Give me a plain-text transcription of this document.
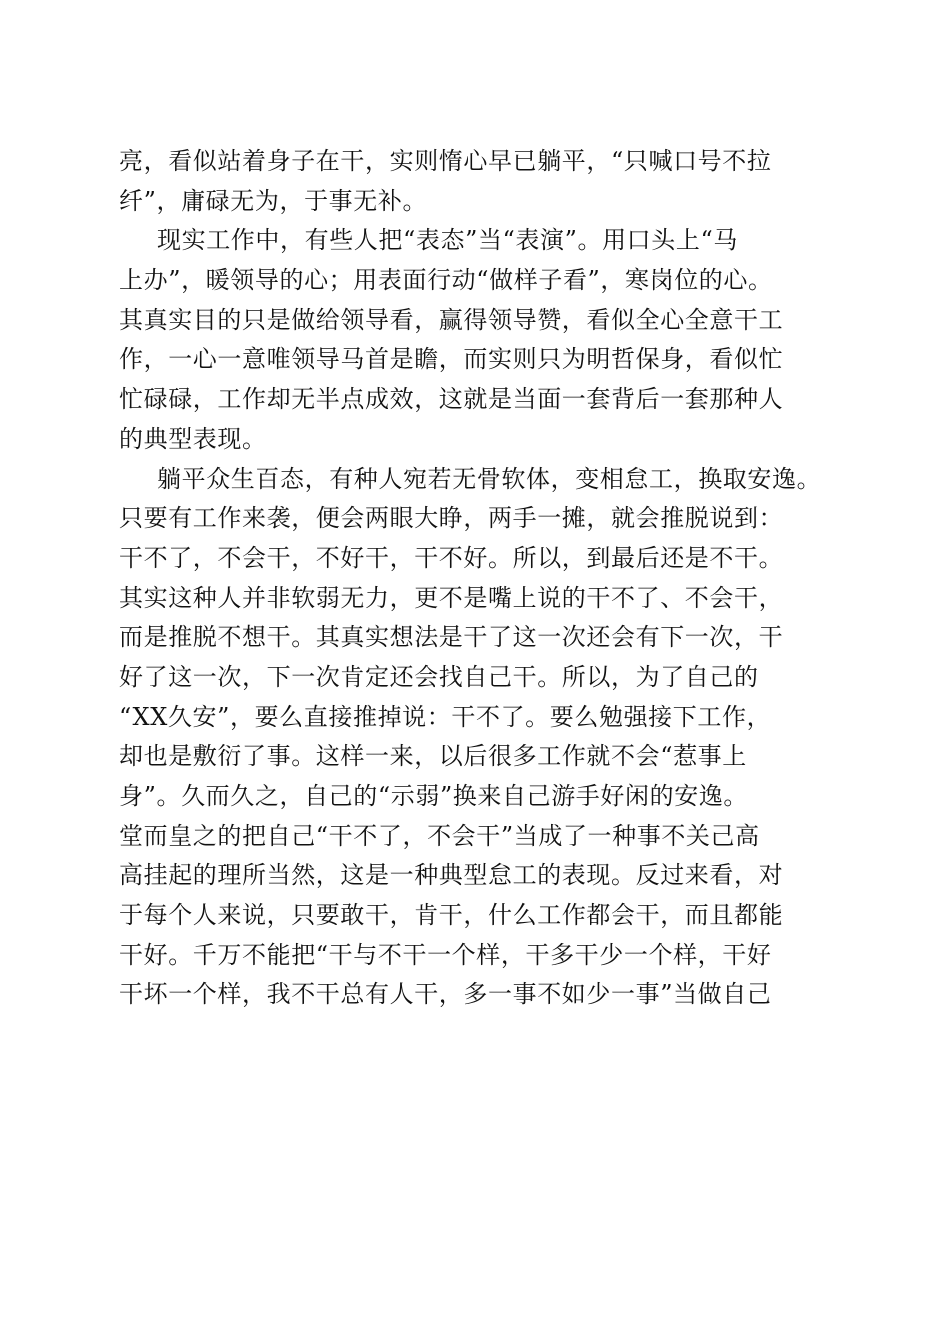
亮，看似站着身子在干，实则惰心早已躺平，“只喊口号不拉
纤”，庸碌无为，于事无补。
现实工作中，有些人把“表态”当“表演”。用口头上“马
上办”，暖领导的心；用表面行动“做样子看”，寒岗位的心。
其真实目的只是做给领导看，赢得领导赞，看似全心全意干工
作，一心一意唯领导马首是瞻，而实则只为明哲保身，看似忙
忙碌碌，工作却无半点成效，这就是当面一套背后一套那种人
的典型表现。
躺平众生百态，有种人宛若无骨软体，变相怠工，换取安逸。
只要有工作来袭，便会两眼大睁，两手一摊，就会推脱说到：
干不了，不会干，不好干，干不好。所以，到最后还是不干。
其实这种人并非软弱无力，更不是嘴上说的干不了、不会干，
而是推脱不想干。其真实想法是干了这一次还会有下一次，干
好了这一次，下一次肯定还会找自己干。所以，为了自己的
“XX久安”，要么直接推掉说：干不了。要么勉强接下工作，
却也是敷衍了事。这样一来，以后很多工作就不会“惹事上
身”。久而久之，自己的“示弱”换来自己游手好闲的安逸。
堂而皇之的把自己“干不了，不会干”当成了一种事不关己高
高挂起的理所当然，这是一种典型怠工的表现。反过来看，对
于每个人来说，只要敢干，肯干，什么工作都会干，而且都能
干好。千万不能把“干与不干一个样，干多干少一个样，干好
干坏一个样，我不干总有人干，多一事不如少一事”当做自己
